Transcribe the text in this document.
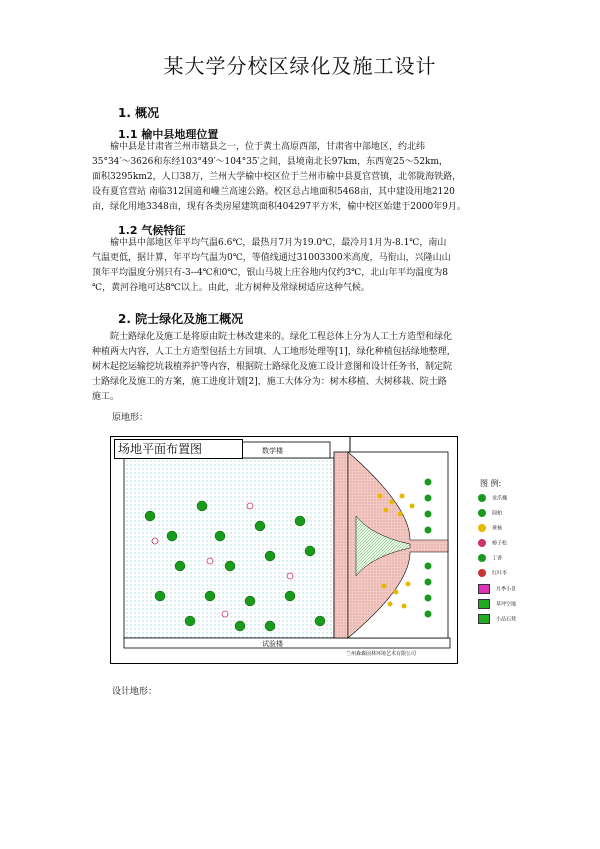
某大学分校区绿化及施工设计
1. 概况
1.1 榆中县地理位置

榆中县是甘肃省兰州市辖县之一，位于黄土高原西部，甘肃省中部地区，约北纬
35°34′～3626和东经103°49′～104°35′之间，县境南北长97km，东西宽25～52km，
面积3295km2，人口38万，兰州大学榆中校区位于兰州市榆中县夏官营镇，北邻陇海铁路，
设有夏官营站 南临312国道和巉兰高速公路。校区总占地面积5468亩，其中建设用地2120
亩，绿化用地3348亩，现有各类房屋建筑面积404297平方米，榆中校区始建于2000年9月。

1.2 气候特征

榆中县中部地区年平均气温6.6℃，最热月7月为19.0℃，最冷月1月为-8.1℃，南山
气温更低，据计算，年平均气温为0℃，等值线通过31003300米高度，马衔山，兴隆山山
顶年平均温度分别只有-3--4℃和0℃，银山马坡上庄谷地内仅约3℃，北山年平均温度为8
℃，黄河谷地可达8℃以上。由此，北方树种及常绿树适应这种气候。

2. 院士绿化及施工概况

院士路绿化及施工是将原由院士林改建来的。绿化工程总体上分为人工土方造型和绿化
种植两大内容，人工土方造型包括土方回填、人工地形处理等[1]，绿化种植包括绿地整理，
树木起挖运输挖坑栽植养护等内容，根据院士路绿化及施工设计意图和设计任务书，制定院
士路绿化及施工的方案，施工进度计划[2]，施工大体分为：树木移植、大树移栽、院士路
施工。

原地形：
场地平面布置图	数学楼
试验楼
兰州森森园林环境艺术有限公司
图 例:
龙爪槐
圆柏
黄杨
樟子松
丁香
红叶李
月季小景
草坪空地
小品石凳
设计地形：
